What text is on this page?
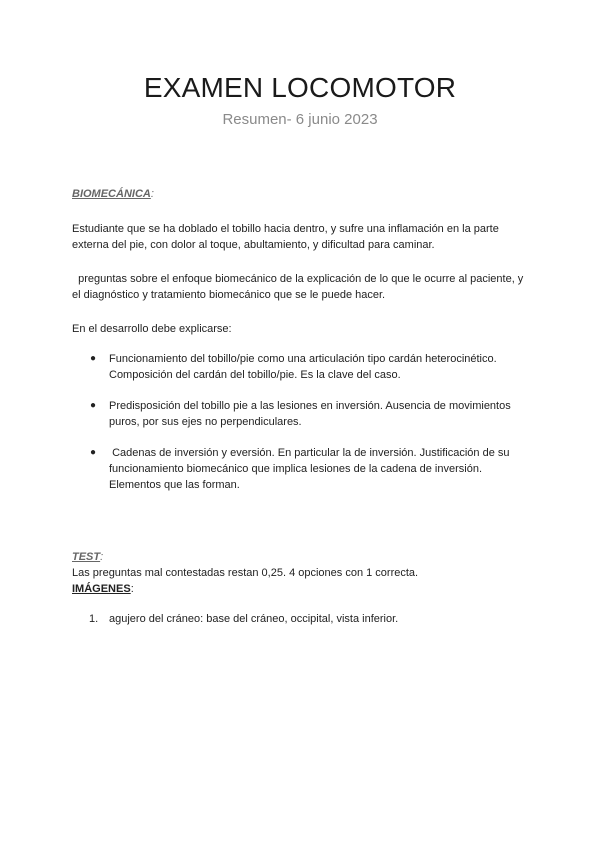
EXAMEN LOCOMOTOR
Resumen- 6 junio 2023

BIOMECÁNICA:

Estudiante que se ha doblado el tobillo hacia dentro, y sufre una inflamación en la parte externa del pie, con dolor al toque, abultamiento, y dificultad para caminar.

preguntas sobre el enfoque biomecánico de la explicación de lo que le ocurre al paciente, y el diagnóstico y tratamiento biomecánico que se le puede hacer.

En el desarrollo debe explicarse:

● Funcionamiento del tobillo/pie como una articulación tipo cardán heterocinético. Composición del cardán del tobillo/pie. Es la clave del caso.
● Predisposición del tobillo pie a las lesiones en inversión. Ausencia de movimientos puros, por sus ejes no perpendiculares.
● Cadenas de inversión y eversión. En particular la de inversión. Justificación de su funcionamiento biomecánico que implica lesiones de la cadena de inversión. Elementos que las forman.

TEST:

Las preguntas mal contestadas restan 0,25. 4 opciones con 1 correcta.

IMÁGENES:

1. agujero del cráneo: base del cráneo, occipital, vista inferior.
